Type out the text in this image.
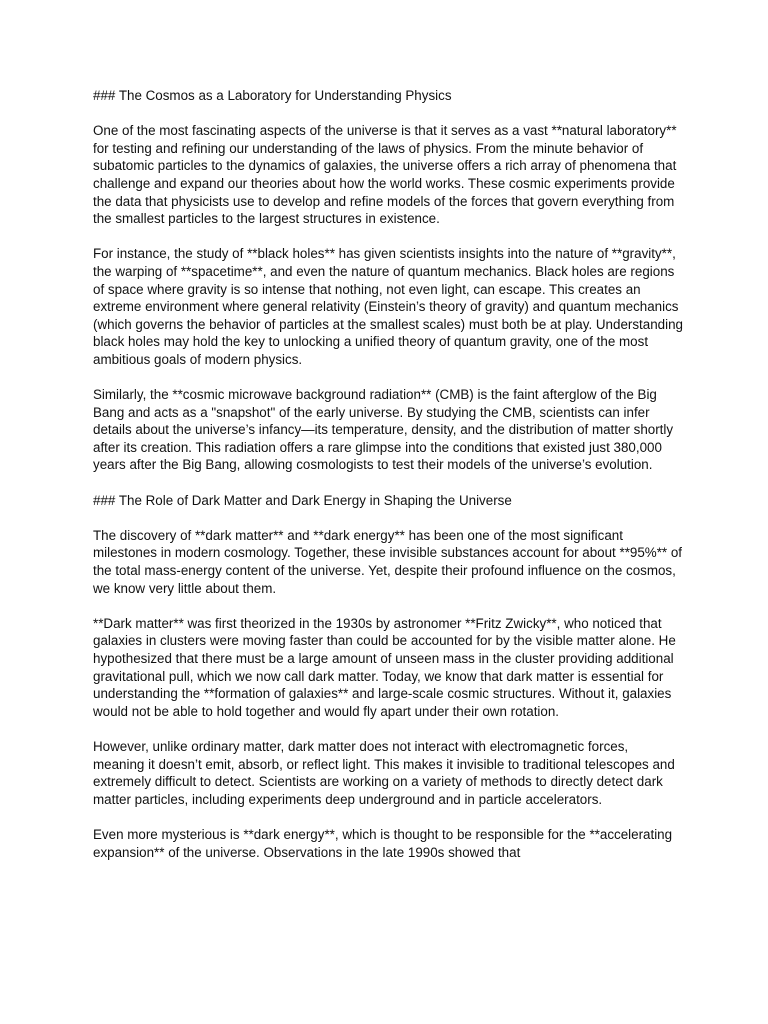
### The Cosmos as a Laboratory for Understanding Physics

One of the most fascinating aspects of the universe is that it serves as a vast **natural laboratory** for testing and refining our understanding of the laws of physics. From the minute behavior of subatomic particles to the dynamics of galaxies, the universe offers a rich array of phenomena that challenge and expand our theories about how the world works. These cosmic experiments provide the data that physicists use to develop and refine models of the forces that govern everything from the smallest particles to the largest structures in existence.

For instance, the study of **black holes** has given scientists insights into the nature of **gravity**, the warping of **spacetime**, and even the nature of quantum mechanics. Black holes are regions of space where gravity is so intense that nothing, not even light, can escape. This creates an extreme environment where general relativity (Einstein’s theory of gravity) and quantum mechanics (which governs the behavior of particles at the smallest scales) must both be at play. Understanding black holes may hold the key to unlocking a unified theory of quantum gravity, one of the most ambitious goals of modern physics.

Similarly, the **cosmic microwave background radiation** (CMB) is the faint afterglow of the Big Bang and acts as a "snapshot" of the early universe. By studying the CMB, scientists can infer details about the universe’s infancy—its temperature, density, and the distribution of matter shortly after its creation. This radiation offers a rare glimpse into the conditions that existed just 380,000 years after the Big Bang, allowing cosmologists to test their models of the universe’s evolution.

### The Role of Dark Matter and Dark Energy in Shaping the Universe

The discovery of **dark matter** and **dark energy** has been one of the most significant milestones in modern cosmology. Together, these invisible substances account for about **95%** of the total mass-energy content of the universe. Yet, despite their profound influence on the cosmos, we know very little about them.

**Dark matter** was first theorized in the 1930s by astronomer **Fritz Zwicky**, who noticed that galaxies in clusters were moving faster than could be accounted for by the visible matter alone. He hypothesized that there must be a large amount of unseen mass in the cluster providing additional gravitational pull, which we now call dark matter. Today, we know that dark matter is essential for understanding the **formation of galaxies** and large-scale cosmic structures. Without it, galaxies would not be able to hold together and would fly apart under their own rotation.

However, unlike ordinary matter, dark matter does not interact with electromagnetic forces, meaning it doesn’t emit, absorb, or reflect light. This makes it invisible to traditional telescopes and extremely difficult to detect. Scientists are working on a variety of methods to directly detect dark matter particles, including experiments deep underground and in particle accelerators.

Even more mysterious is **dark energy**, which is thought to be responsible for the **accelerating expansion** of the universe. Observations in the late 1990s showed that
